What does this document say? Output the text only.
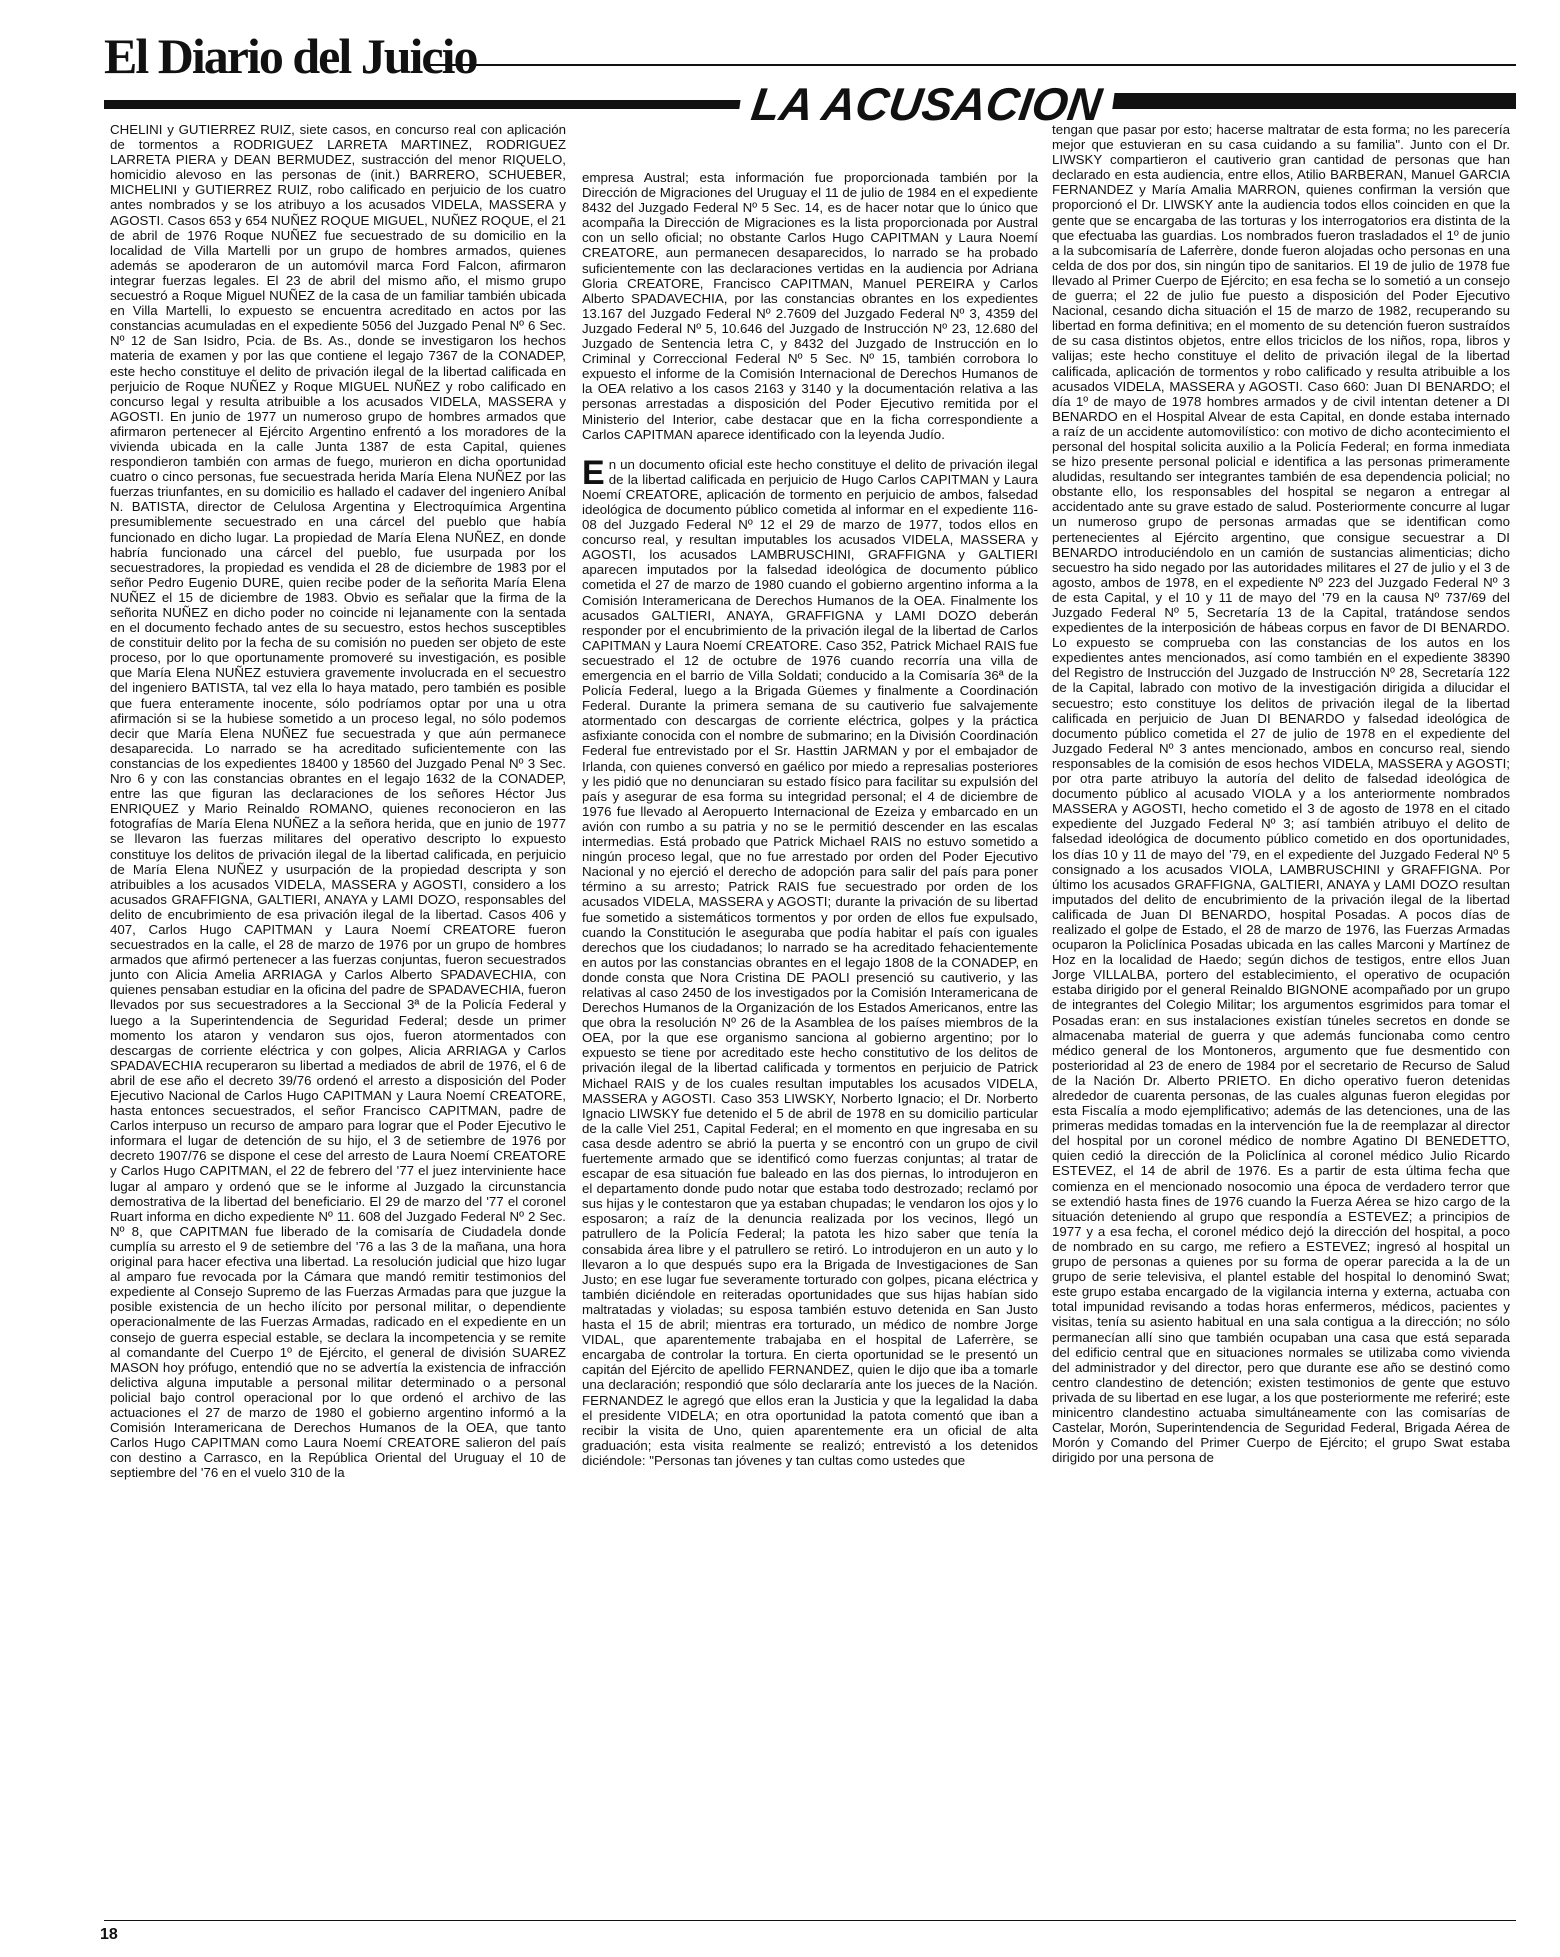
El Diario del Juicio
LA ACUSACION

CHELINI y GUTIERREZ RUIZ, siete casos, en concurso real con aplicación de tormentos a RODRIGUEZ LARRETA MARTINEZ, RODRIGUEZ LARRETA PIERA y DEAN BERMUDEZ, sustracción del menor RIQUELO, homicidio alevoso en las personas de (init.) BARRERO, SCHUEBER, MICHELINI y GUTIERREZ RUIZ, robo calificado en perjuicio de los cuatro antes nombrados y se los atribuyo a los acusados VIDELA, MASSERA y AGOSTI. Casos 653 y 654 NUÑEZ ROQUE MIGUEL, NUÑEZ ROQUE, el 21 de abril de 1976 Roque NUÑEZ fue secuestrado de su domicilio en la localidad de Villa Martelli por un grupo de hombres armados, quienes además se apoderaron de un automóvil marca Ford Falcon, afirmaron integrar fuerzas legales. El 23 de abril del mismo año, el mismo grupo secuestró a Roque Miguel NUÑEZ de la casa de un familiar también ubicada en Villa Martelli, lo expuesto se encuentra acreditado en actos por las constancias acumuladas en el expediente 5056 del Juzgado Penal Nº 6 Sec. Nº 12 de San Isidro, Pcia. de Bs. As., donde se investigaron los hechos materia de examen y por las que contiene el legajo 7367 de la CONADEP, este hecho constituye el delito de privación ilegal de la libertad calificada en perjuicio de Roque NUÑEZ y Roque MIGUEL NUÑEZ y robo calificado en concurso legal y resulta atribuible a los acusados VIDELA, MASSERA y AGOSTI. En junio de 1977 un numeroso grupo de hombres armados que afirmaron pertenecer al Ejército Argentino enfrentó a los moradores de la vivienda ubicada en la calle Junta 1387 de esta Capital, quienes respondieron también con armas de fuego, murieron en dicha oportunidad cuatro o cinco personas, fue secuestrada herida María Elena NUÑEZ por las fuerzas triunfantes, en su domicilio es hallado el cadaver del ingeniero Aníbal N. BATISTA, director de Celulosa Argentina y Electroquímica Argentina presumiblemente secuestrado en una cárcel del pueblo que había funcionado en dicho lugar. La propiedad de María Elena NUÑEZ, en donde habría funcionado una cárcel del pueblo, fue usurpada por los secuestradores, la propiedad es vendida el 28 de diciembre de 1983 por el señor Pedro Eugenio DURE, quien recibe poder de la señorita María Elena NUÑEZ el 15 de diciembre de 1983. Obvio es señalar que la firma de la señorita NUÑEZ en dicho poder no coincide ni lejanamente con la sentada en el documento fechado antes de su secuestro, estos hechos susceptibles de constituir delito por la fecha de su comisión no pueden ser objeto de este proceso, por lo que oportunamente promoveré su investigación, es posible que María Elena NUÑEZ estuviera gravemente involucrada en el secuestro del ingeniero BATISTA, tal vez ella lo haya matado, pero también es posible que fuera enteramente inocente, sólo podríamos optar por una u otra afirmación si se la hubiese sometido a un proceso legal, no sólo podemos decir que María Elena NUÑEZ fue secuestrada y que aún permanece desaparecida. Lo narrado se ha acreditado suficientemente con las constancias de los expedientes 18400 y 18560 del Juzgado Penal Nº 3 Sec. Nro 6 y con las constancias obrantes en el legajo 1632 de la CONADEP, entre las que figuran las declaraciones de los señores Héctor Jus ENRIQUEZ y Mario Reinaldo ROMANO, quienes reconocieron en las fotografías de María Elena NUÑEZ a la señora herida, que en junio de 1977 se llevaron las fuerzas militares del operativo descripto lo expuesto constituye los delitos de privación ilegal de la libertad calificada, en perjuicio de María Elena NUÑEZ y usurpación de la propiedad descripta y son atribuibles a los acusados VIDELA, MASSERA y AGOSTI, considero a los acusados GRAFFIGNA, GALTIERI, ANAYA y LAMI DOZO, responsables del delito de encubrimiento de esa privación ilegal de la libertad. Casos 406 y 407, Carlos Hugo CAPITMAN y Laura Noemí CREATORE fueron secuestrados en la calle, el 28 de marzo de 1976 por un grupo de hombres armados que afirmó pertenecer a las fuerzas conjuntas, fueron secuestrados junto con Alicia Amelia ARRIAGA y Carlos Alberto SPADAVECHIA, con quienes pensaban estudiar en la oficina del padre de SPADAVECHIA, fueron llevados por sus secuestradores a la Seccional 3ª de la Policía Federal y luego a la Superintendencia de Seguridad Federal; desde un primer momento los ataron y vendaron sus ojos, fueron atormentados con descargas de corriente eléctrica y con golpes, Alicia ARRIAGA y Carlos SPADAVECHIA recuperaron su libertad a mediados de abril de 1976, el 6 de abril de ese año el decreto 39/76 ordenó el arresto a disposición del Poder Ejecutivo Nacional de Carlos Hugo CAPITMAN y Laura Noemí CREATORE, hasta entonces secuestrados, el señor Francisco CAPITMAN, padre de Carlos interpuso un recurso de amparo para lograr que el Poder Ejecutivo le informara el lugar de detención de su hijo, el 3 de setiembre de 1976 por decreto 1907/76 se dispone el cese del arresto de Laura Noemí CREATORE y Carlos Hugo CAPITMAN, el 22 de febrero del '77 el juez interviniente hace lugar al amparo y ordenó que se le informe al Juzgado la circunstancia demostrativa de la libertad del beneficiario. El 29 de marzo del '77 el coronel Ruart informa en dicho expediente Nº 11. 608 del Juzgado Federal Nº 2 Sec. Nº 8, que CAPITMAN fue liberado de la comisaría de Ciudadela donde cumplía su arresto el 9 de setiembre del '76 a las 3 de la mañana, una hora original para hacer efectiva una libertad. La resolución judicial que hizo lugar al amparo fue revocada por la Cámara que mandó remitir testimonios del expediente al Consejo Supremo de las Fuerzas Armadas para que juzgue la posible existencia de un hecho ilícito por personal militar, o dependiente operacionalmente de las Fuerzas Armadas, radicado en el expediente en un consejo de guerra especial estable, se declara la incompetencia y se remite al comandante del Cuerpo 1º de Ejército, el general de división SUAREZ MASON hoy prófugo, entendió que no se advertía la existencia de infracción delictiva alguna imputable a personal militar determinado o a personal policial bajo control operacional por lo que ordenó el archivo de las actuaciones el 27 de marzo de 1980 el gobierno argentino informó a la Comisión Interamericana de Derechos Humanos de la OEA, que tanto Carlos Hugo CAPITMAN como Laura Noemí CREATORE salieron del país con destino a Carrasco, en la República Oriental del Uruguay el 10 de septiembre del '76 en el vuelo 310 de la

empresa Austral; esta información fue proporcionada también por la Dirección de Migraciones del Uruguay el 11 de julio de 1984 en el expediente 8432 del Juzgado Federal Nº 5 Sec. 14, es de hacer notar que lo único que acompaña la Dirección de Migraciones es la lista proporcionada por Austral con un sello oficial; no obstante Carlos Hugo CAPITMAN y Laura Noemí CREATORE, aun permanecen desaparecidos, lo narrado se ha probado suficientemente con las declaraciones vertidas en la audiencia por Adriana Gloria CREATORE, Francisco CAPITMAN, Manuel PEREIRA y Carlos Alberto SPADAVECHIA, por las constancias obrantes en los expedientes 13.167 del Juzgado Federal Nº 2.7609 del Juzgado Federal Nº 3, 4359 del Juzgado Federal Nº 5, 10.646 del Juzgado de Instrucción Nº 23, 12.680 del Juzgado de Sentencia letra C, y 8432 del Juzgado de Instrucción en lo Criminal y Correccional Federal Nº 5 Sec. Nº 15, también corrobora lo expuesto el informe de la Comisión Internacional de Derechos Humanos de la OEA relativo a los casos 2163 y 3140 y la documentación relativa a las personas arrestadas a disposición del Poder Ejecutivo remitida por el Ministerio del Interior, cabe destacar que en la ficha correspondiente a Carlos CAPITMAN aparece identificado con la leyenda Judío.

En un documento oficial este hecho constituye el delito de privación ilegal de la libertad calificada en perjuicio de Hugo Carlos CAPITMAN y Laura Noemí CREATORE, aplicación de tormento en perjuicio de ambos, falsedad ideológica de documento público cometida al informar en el expediente 116-08 del Juzgado Federal Nº 12 el 29 de marzo de 1977, todos ellos en concurso real, y resultan imputables los acusados VIDELA, MASSERA y AGOSTI, los acusados LAMBRUSCHINI, GRAFFIGNA y GALTIERI aparecen imputados por la falsedad ideológica de documento público cometida el 27 de marzo de 1980 cuando el gobierno argentino informa a la Comisión Interamericana de Derechos Humanos de la OEA. Finalmente los acusados GALTIERI, ANAYA, GRAFFIGNA y LAMI DOZO deberán responder por el encubrimiento de la privación ilegal de la libertad de Carlos CAPITMAN y Laura Noemí CREATORE. Caso 352, Patrick Michael RAIS fue secuestrado el 12 de octubre de 1976 cuando recorría una villa de emergencia en el barrio de Villa Soldati; conducido a la Comisaría 36ª de la Policía Federal, luego a la Brigada Güemes y finalmente a Coordinación Federal. Durante la primera semana de su cautiverio fue salvajemente atormentado con descargas de corriente eléctrica, golpes y la práctica asfixiante conocida con el nombre de submarino; en la División Coordinación Federal fue entrevistado por el Sr. Hasttin JARMAN y por el embajador de Irlanda, con quienes conversó en gaélico por miedo a represalias posteriores y les pidió que no denunciaran su estado físico para facilitar su expulsión del país y asegurar de esa forma su integridad personal; el 4 de diciembre de 1976 fue llevado al Aeropuerto Internacional de Ezeiza y embarcado en un avión con rumbo a su patria y no se le permitió descender en las escalas intermedias. Está probado que Patrick Michael RAIS no estuvo sometido a ningún proceso legal, que no fue arrestado por orden del Poder Ejecutivo Nacional y no ejerció el derecho de adopción para salir del país para poner término a su arresto; Patrick RAIS fue secuestrado por orden de los acusados VIDELA, MASSERA y AGOSTI; durante la privación de su libertad fue sometido a sistemáticos tormentos y por orden de ellos fue expulsado, cuando la Constitución le aseguraba que podía habitar el país con iguales derechos que los ciudadanos; lo narrado se ha acreditado fehacientemente en autos por las constancias obrantes en el legajo 1808 de la CONADEP, en donde consta que Nora Cristina DE PAOLI presenció su cautiverio, y las relativas al caso 2450 de los investigados por la Comisión Interamericana de Derechos Humanos de la Organización de los Estados Americanos, entre las que obra la resolución Nº 26 de la Asamblea de los países miembros de la OEA, por la que ese organismo sanciona al gobierno argentino; por lo expuesto se tiene por acreditado este hecho constitutivo de los delitos de privación ilegal de la libertad calificada y tormentos en perjuicio de Patrick Michael RAIS y de los cuales resultan imputables los acusados VIDELA, MASSERA y AGOSTI. Caso 353 LIWSKY, Norberto Ignacio; el Dr. Norberto Ignacio LIWSKY fue detenido el 5 de abril de 1978 en su domicilio particular de la calle Viel 251, Capital Federal; en el momento en que ingresaba en su casa desde adentro se abrió la puerta y se encontró con un grupo de civil fuertemente armado que se identificó como fuerzas conjuntas; al tratar de escapar de esa situación fue baleado en las dos piernas, lo introdujeron en el departamento donde pudo notar que estaba todo destrozado; reclamó por sus hijas y le contestaron que ya estaban chupadas; le vendaron los ojos y lo esposaron; a raíz de la denuncia realizada por los vecinos, llegó un patrullero de la Policía Federal; la patota les hizo saber que tenía la consabida área libre y el patrullero se retiró. Lo introdujeron en un auto y lo llevaron a lo que después supo era la Brigada de Investigaciones de San Justo; en ese lugar fue severamente torturado con golpes, picana eléctrica y también diciéndole en reiteradas oportunidades que sus hijas habían sido maltratadas y violadas; su esposa también estuvo detenida en San Justo hasta el 15 de abril; mientras era torturado, un médico de nombre Jorge VIDAL, que aparentemente trabajaba en el hospital de Laferrère, se encargaba de controlar la tortura. En cierta oportunidad se le presentó un capitán del Ejército de apellido FERNANDEZ, quien le dijo que iba a tomarle una declaración; respondió que sólo declararía ante los jueces de la Nación. FERNANDEZ le agregó que ellos eran la Justicia y que la legalidad la daba el presidente VIDELA; en otra oportunidad la patota comentó que iban a recibir la visita de Uno, quien aparentemente era un oficial de alta graduación; esta visita realmente se realizó; entrevistó a los detenidos diciéndole: "Personas tan jóvenes y tan cultas como ustedes que

tengan que pasar por esto; hacerse maltratar de esta forma; no les parecería mejor que estuvieran en su casa cuidando a su familia". Junto con el Dr. LIWSKY compartieron el cautiverio gran cantidad de personas que han declarado en esta audiencia, entre ellos, Atilio BARBERAN, Manuel GARCIA FERNANDEZ y María Amalia MARRON, quienes confirman la versión que proporcionó el Dr. LIWSKY ante la audiencia todos ellos coinciden en que la gente que se encargaba de las torturas y los interrogatorios era distinta de la que efectuaba las guardias. Los nombrados fueron trasladados el 1º de junio a la subcomisaría de Laferrère, donde fueron alojadas ocho personas en una celda de dos por dos, sin ningún tipo de sanitarios. El 19 de julio de 1978 fue llevado al Primer Cuerpo de Ejército; en esa fecha se lo sometió a un consejo de guerra; el 22 de julio fue puesto a disposición del Poder Ejecutivo Nacional, cesando dicha situación el 15 de marzo de 1982, recuperando su libertad en forma definitiva; en el momento de su detención fueron sustraídos de su casa distintos objetos, entre ellos triciclos de los niños, ropa, libros y valijas; este hecho constituye el delito de privación ilegal de la libertad calificada, aplicación de tormentos y robo calificado y resulta atribuible a los acusados VIDELA, MASSERA y AGOSTI. Caso 660: Juan DI BENARDO; el día 1º de mayo de 1978 hombres armados y de civil intentan detener a DI BENARDO en el Hospital Alvear de esta Capital, en donde estaba internado a raíz de un accidente automovilístico: con motivo de dicho acontecimiento el personal del hospital solicita auxilio a la Policía Federal; en forma inmediata se hizo presente personal policial e identifica a las personas primeramente aludidas, resultando ser integrantes también de esa dependencia policial; no obstante ello, los responsables del hospital se negaron a entregar al accidentado ante su grave estado de salud. Posteriormente concurre al lugar un numeroso grupo de personas armadas que se identifican como pertenecientes al Ejército argentino, que consigue secuestrar a DI BENARDO introduciéndolo en un camión de sustancias alimenticias; dicho secuestro ha sido negado por las autoridades militares el 27 de julio y el 3 de agosto, ambos de 1978, en el expediente Nº 223 del Juzgado Federal Nº 3 de esta Capital, y el 10 y 11 de mayo del '79 en la causa Nº 737/69 del Juzgado Federal Nº 5, Secretaría 13 de la Capital, tratándose sendos expedientes de la interposición de hábeas corpus en favor de DI BENARDO. Lo expuesto se comprueba con las constancias de los autos en los expedientes antes mencionados, así como también en el expediente 38390 del Registro de Instrucción del Juzgado de Instrucción Nº 28, Secretaría 122 de la Capital, labrado con motivo de la investigación dirigida a dilucidar el secuestro; esto constituye los delitos de privación ilegal de la libertad calificada en perjuicio de Juan DI BENARDO y falsedad ideológica de documento público cometida el 27 de julio de 1978 en el expediente del Juzgado Federal Nº 3 antes mencionado, ambos en concurso real, siendo responsables de la comisión de esos hechos VIDELA, MASSERA y AGOSTI; por otra parte atribuyo la autoría del delito de falsedad ideológica de documento público al acusado VIOLA y a los anteriormente nombrados MASSERA y AGOSTI, hecho cometido el 3 de agosto de 1978 en el citado expediente del Juzgado Federal Nº 3; así también atribuyo el delito de falsedad ideológica de documento público cometido en dos oportunidades, los días 10 y 11 de mayo del '79, en el expediente del Juzgado Federal Nº 5 consignado a los acusados VIOLA, LAMBRUSCHINI y GRAFFIGNA. Por último los acusados GRAFFIGNA, GALTIERI, ANAYA y LAMI DOZO resultan imputados del delito de encubrimiento de la privación ilegal de la libertad calificada de Juan DI BENARDO, hospital Posadas. A pocos días de realizado el golpe de Estado, el 28 de marzo de 1976, las Fuerzas Armadas ocuparon la Policlínica Posadas ubicada en las calles Marconi y Martínez de Hoz en la localidad de Haedo; según dichos de testigos, entre ellos Juan Jorge VILLALBA, portero del establecimiento, el operativo de ocupación estaba dirigido por el general Reinaldo BIGNONE acompañado por un grupo de integrantes del Colegio Militar; los argumentos esgrimidos para tomar el Posadas eran: en sus instalaciones existían túneles secretos en donde se almacenaba material de guerra y que además funcionaba como centro médico general de los Montoneros, argumento que fue desmentido con posterioridad al 23 de enero de 1984 por el secretario de Recurso de Salud de la Nación Dr. Alberto PRIETO. En dicho operativo fueron detenidas alrededor de cuarenta personas, de las cuales algunas fueron elegidas por esta Fiscalía a modo ejemplificativo; además de las detenciones, una de las primeras medidas tomadas en la intervención fue la de reemplazar al director del hospital por un coronel médico de nombre Agatino DI BENEDETTO, quien cedió la dirección de la Policlínica al coronel médico Julio Ricardo ESTEVEZ, el 14 de abril de 1976. Es a partir de esta última fecha que comienza en el mencionado nosocomio una época de verdadero terror que se extendió hasta fines de 1976 cuando la Fuerza Aérea se hizo cargo de la situación deteniendo al grupo que respondía a ESTEVEZ; a principios de 1977 y a esa fecha, el coronel médico dejó la dirección del hospital, a poco de nombrado en su cargo, me refiero a ESTEVEZ; ingresó al hospital un grupo de personas a quienes por su forma de operar parecida a la de un grupo de serie televisiva, el plantel estable del hospital lo denominó Swat; este grupo estaba encargado de la vigilancia interna y externa, actuaba con total impunidad revisando a todas horas enfermeros, médicos, pacientes y visitas, tenía su asiento habitual en una sala contigua a la dirección; no sólo permanecían allí sino que también ocupaban una casa que está separada del edificio central que en situaciones normales se utilizaba como vivienda del administrador y del director, pero que durante ese año se destinó como centro clandestino de detención; existen testimonios de gente que estuvo privada de su libertad en ese lugar, a los que posteriormente me referiré; este minicentro clandestino actuaba simultáneamente con las comisarías de Castelar, Morón, Superintendencia de Seguridad Federal, Brigada Aérea de Morón y Comando del Primer Cuerpo de Ejército; el grupo Swat estaba dirigido por una persona de

18
